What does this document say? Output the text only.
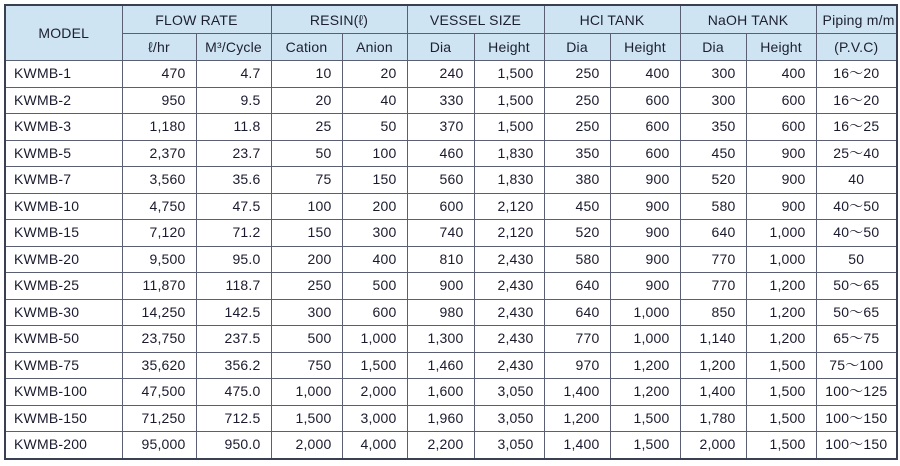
MODEL	FLOW RATE		RESIN(ℓ)		VESSEL SIZE		HCl TANK		NaOH TANK		Piping m/m
	ℓ/hr	M³/Cycle	Cation	Anion	Dia	Height	Dia	Height	Dia	Height	(P.V.C)
KWMB-1	470	4.7	10	20	240	1,500	250	400	300	400	16～20
KWMB-2	950	9.5	20	40	330	1,500	250	600	300	600	16～20
KWMB-3	1,180	11.8	25	50	370	1,500	250	600	350	600	16～25
KWMB-5	2,370	23.7	50	100	460	1,830	350	600	450	900	25～40
KWMB-7	3,560	35.6	75	150	560	1,830	380	900	520	900	40
KWMB-10	4,750	47.5	100	200	600	2,120	450	900	580	900	40～50
KWMB-15	7,120	71.2	150	300	740	2,120	520	900	640	1,000	40～50
KWMB-20	9,500	95.0	200	400	810	2,430	580	900	770	1,000	50
KWMB-25	11,870	118.7	250	500	900	2,430	640	900	770	1,200	50～65
KWMB-30	14,250	142.5	300	600	980	2,430	640	1,000	850	1,200	50～65
KWMB-50	23,750	237.5	500	1,000	1,300	2,430	770	1,000	1,140	1,200	65～75
KWMB-75	35,620	356.2	750	1,500	1,460	2,430	970	1,200	1,200	1,500	75～100
KWMB-100	47,500	475.0	1,000	2,000	1,600	3,050	1,400	1,200	1,400	1,500	100～125
KWMB-150	71,250	712.5	1,500	3,000	1,960	3,050	1,200	1,500	1,780	1,500	100～150
KWMB-200	95,000	950.0	2,000	4,000	2,200	3,050	1,400	1,500	2,000	1,500	100～150
